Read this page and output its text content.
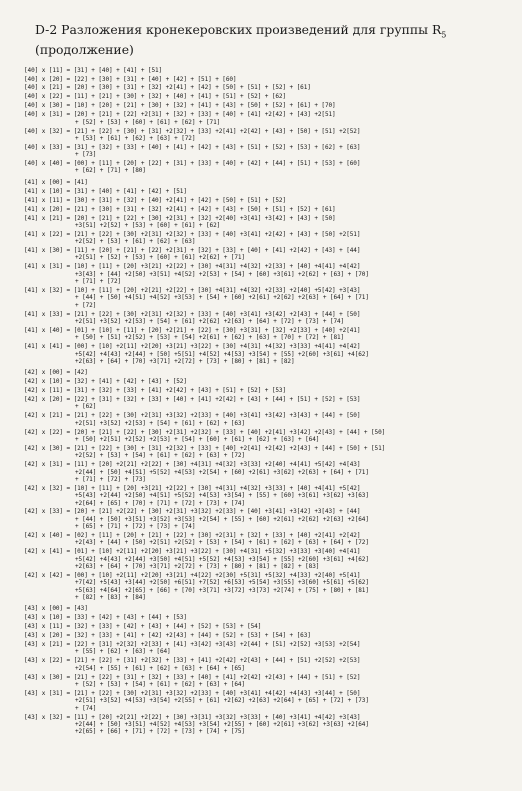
D-2 Разложения кронекеровских произведений для группы $R_5$ (продолжение)
[40] x [11] = [31] + [40] + [41] + [51]
[40] x [20] = [22] + [30] + [31] + [40] + [42] + [51] + [60]
[40] x [21] = [20] + [30] + [31] + [32] +2[41] + [42] + [50] + [51] + [52] + [61]
[40] x [22] = [11] + [21] + [30] + [32] + [40] + [41] + [51] + [52] + [62]
[40] x [30] = [10] + [20] + [21] + [30] + [32] + [41] + [43] + [50] + [52] + [61] + [70]
[40] x [31] = [20] + [21] + [22] +2[31] + [32] + [33] + [40] + [41] +2[42] + [43] +2[51]
+ [52] + [53] + [60] + [61] + [62] + [71]
[40] x [32] = [21] + [22] + [30] + [31] +2[32] + [33] +2[41] +2[42] + [43] + [50] + [51] +2[52]
+ [53] + [61] + [62] + [63] + [72]
[40] x [33] = [31] + [32] + [33] + [40] + [41] + [42] + [43] + [51] + [52] + [53] + [62] + [63]
+ [73]
[40] x [40] = [00] + [11] + [20] + [22] + [31] + [33] + [40] + [42] + [44] + [51] + [53] + [60]
+ [62] + [71] + [80]
[41] x [00] = [41]
[41] x [10] = [31] + [40] + [41] + [42] + [51]
[41] x [11] = [30] + [31] + [32] + [40] +2[41] + [42] + [50] + [51] + [52]
[41] x [20] = [21] + [30] + [31] + [32] +2[41] + [42] + [43] + [50] + [51] + [52] + [61]
[41] x [21] = [20] + [21] + [22] + [30] +2[31] + [32] +2[40] +3[41] +3[42] + [43] + [50]
+3[51] +2[52] + [53] + [60] + [61] + [62]
[41] x [22] = [21] + [22] + [30] +2[31] +2[32] + [33] + [40] +3[41] +2[42] + [43] + [50] +2[51]
+2[52] + [53] + [61] + [62] + [63]
[41] x [30] = [11] + [20] + [21] + [22] +2[31] + [32] + [33] + [40] + [41] +2[42] + [43] + [44]
+2[51] + [52] + [53] + [60] + [61] +2[62] + [71]
[41] x [31] = [10] + [11] + [20] +3[21] +2[22] + [30] +4[31] +4[32] +2[33] + [40] +4[41] +4[42]
+3[43] + [44] +2[50] +3[51] +4[52] +2[53] + [54] + [60] +3[61] +2[62] + [63] + [70]
+ [71] + [72]
[41] x [32] = [10] + [11] + [20] +2[21] +2[22] + [30] +4[31] +4[32] +2[33] +2[40] +5[42] +3[43]
+ [44] + [50] +4[51] +4[52] +3[53] + [54] + [60] +2[61] +2[62] +2[63] + [64] + [71]
+ [72]
[41] x [33] = [21] + [22] + [30] +2[31] +2[32] + [33] + [40] +3[41] +3[42] +2[43] + [44] + [50]
+2[51] +3[52] +2[53] + [54] + [61] +2[62] +2[63] + [64] + [72] + [73] + [74]
[41] x [40] = [01] + [10] + [11] + [20] +2[21] + [22] + [30] +3[31] + [32] +2[33] + [40] +2[41]
+ [50] + [51] +2[52] + [53] + [54] +2[61] + [62] + [63] + [70] + [72] + [81]
[41] x [41] = [00] + [10] +2[11] +2[20] +3[21] +3[22] + [30] +4[31] +4[32] +3[33] +4[41] +4[42]
+5[42] +4[43] +2[44] + [50] +5[51] +4[52] +4[53] +3[54] + [55] +2[60] +3[61] +4[62]
+2[63] + [64] + [70] +3[71] +2[72] + [73] + [80] + [81] + [82]
[42] x [00] = [42]
[42] x [10] = [32] + [41] + [42] + [43] + [52]
[42] x [11] = [31] + [32] + [33] + [41] +2[42] + [43] + [51] + [52] + [53]
[42] x [20] = [22] + [31] + [32] + [33] + [40] + [41] +2[42] + [43] + [44] + [51] + [52] + [53]
+ [62]
[42] x [21] = [21] + [22] + [30] +2[31] +3[32] +2[33] + [40] +3[41] +3[42] +3[43] + [44] + [50]
+2[51] +3[52] +2[53] + [54] + [61] + [62] + [63]
[42] x [22] = [20] + [21] + [22] + [30] +2[31] +2[32] + [33] + [40] +2[41] +3[42] +2[43] + [44] + [50]
+ [50] +2[51] +2[52] +2[53] + [54] + [60] + [61] + [62] + [63] + [64]
[42] x [30] = [21] + [22] + [30] + [31] +2[32] + [33] + [40] +2[41] +2[42] +2[43] + [44] + [50] + [51]
+2[52] + [53] + [54] + [61] + [62] + [63] + [72]
[42] x [31] = [11] + [20] +2[21] +2[22] + [30] +4[31] +4[32] +3[33] +2[40] +4[41] +5[42] +4[43]
+2[44] + [50] +4[51] +5[52] +4[53] +2[54] + [60] +2[61] +3[62] +2[63] + [64] + [71]
+ [71] + [72] + [73]
[42] x [32] = [10] + [11] + [20] +3[21] +2[22] + [30] +4[31] +4[32] +3[33] + [40] +4[41] +5[42]
+5[43] +2[44] +2[50] +4[51] +5[52] +4[53] +3[54] + [55] + [60] +3[61] +3[62] +3[63]
+2[64] + [65] + [70] + [71] + [72] + [73] + [74]
[42] x [33] = [20] + [21] +2[22] + [30] +2[31] +3[32] +2[33] + [40] +3[41] +3[42] +3[43] + [44]
+ [44] + [50] +3[51] +3[52] +3[53] +2[54] + [55] + [60] +2[61] +2[62] +2[63] +2[64]
+ [65] + [71] + [72] + [73] + [74]
[42] x [40] = [02] + [11] + [20] + [21] + [22] + [30] +2[31] + [32] + [33] + [40] +2[41] +2[42]
+2[43] + [44] + [50] +2[51] +2[52] + [53] + [54] + [61] + [62] + [63] + [64] + [72]
[42] x [41] = [01] + [10] +2[11] +2[20] +3[21] +3[22] + [30] +4[31] +5[32] +3[33] +3[40] +4[41]
+5[42] +4[43] +2[44] +3[50] +4[51] +5[52] +4[53] +3[54] + [55] +2[60] +3[61] +4[62]
+2[63] + [64] + [70] +3[71] +2[72] + [73] + [80] + [81] + [82] + [83]
[42] x [42] = [00] + [10] +2[11] +2[20] +3[21] +4[22] +2[30] +5[31] +5[32] +4[33] +2[40] +5[41]
+7[42] +5[43] +3[44] +2[50] +6[51] +7[52] +6[53] +5[54] +3[55] +3[60] +5[61] +5[62]
+5[63] +4[64] +2[65] + [66] + [70] +3[71] +3[72] +3[73] +2[74] + [75] + [80] + [81]
+ [82] + [83] + [84]
[43] x [00] = [43]
[43] x [10] = [33] + [42] + [43] + [44] + [53]
[43] x [11] = [32] + [33] + [42] + [43] + [44] + [52] + [53] + [54]
[43] x [20] = [32] + [33] + [41] + [42] +2[43] + [44] + [52] + [53] + [54] + [63]
[43] x [21] = [22] + [31] +2[32] +2[33] + [41] +3[42] +3[43] +2[44] + [51] +2[52] +3[53] +2[54]
+ [55] + [62] + [63] + [64]
[43] x [22] = [21] + [22] + [31] +2[32] + [33] + [41] +2[42] +2[43] + [44] + [51] +2[52] +2[53]
+2[54] + [55] + [61] + [62] + [63] + [64] + [65]
[43] x [30] = [21] + [22] + [31] + [32] + [33] + [40] + [41] +2[42] +2[43] + [44] + [51] + [52]
+ [52] + [53] + [54] + [61] + [62] + [63] + [64]
[43] x [31] = [21] + [22] + [30] +2[31] +3[32] +2[33] + [40] +3[41] +4[42] +4[43] +3[44] + [50]
+2[51] +3[52] +4[53] +3[54] +2[55] + [61] +2[62] +2[63] +2[64] + [65] + [72] + [73]
+ [74]
[43] x [32] = [11] + [20] +2[21] +2[22] + [30] +3[31] +3[32] +3[33] + [40] +3[41] +4[42] +3[43]
+2[44] + [50] +3[51] +4[52] +4[53] +3[54] +2[55] + [60] +2[61] +3[62] +3[63] +2[64]
+2[65] + [66] + [71] + [72] + [73] + [74] + [75]
